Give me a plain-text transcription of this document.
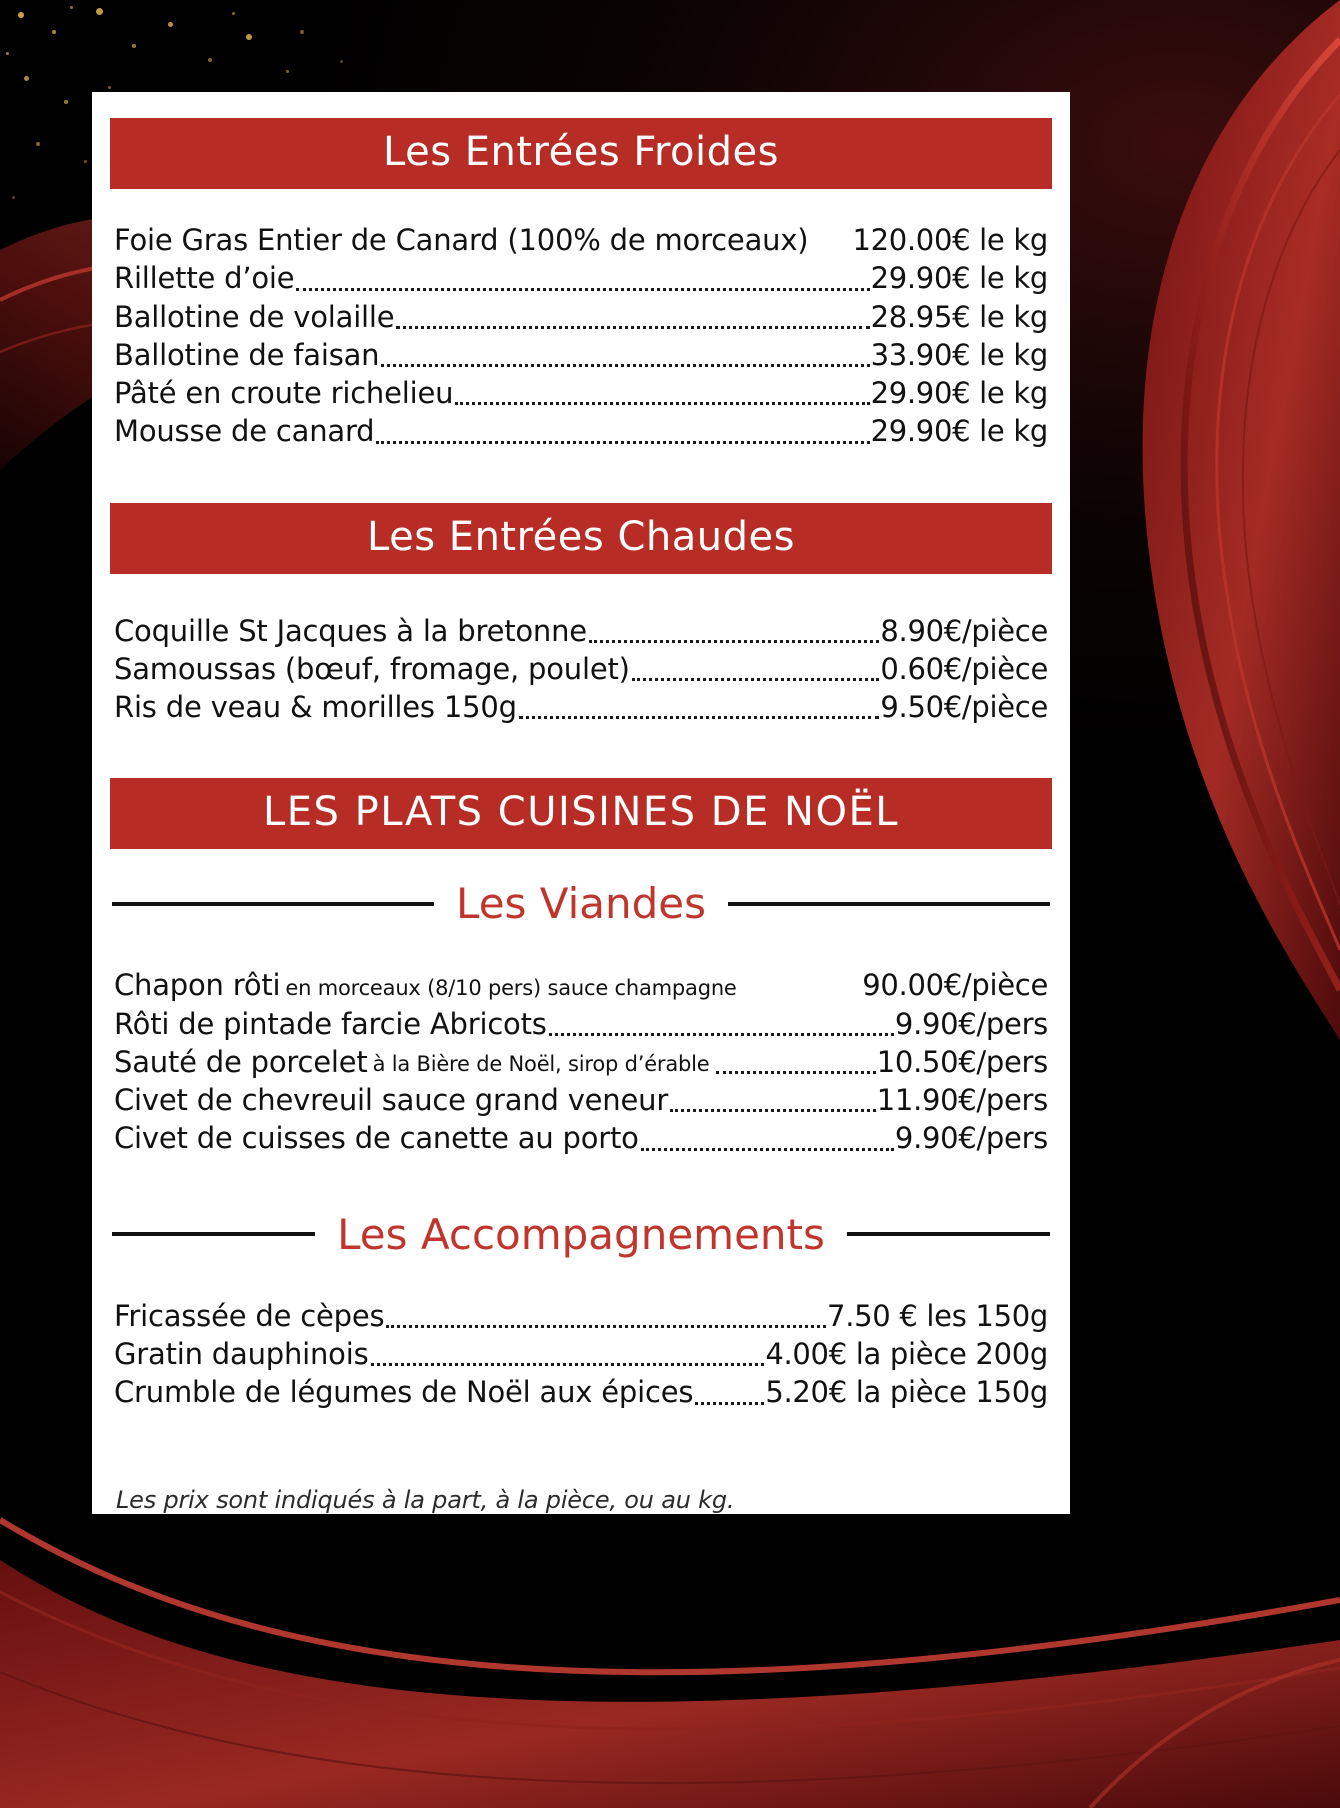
Les Entrées Froides
Foie Gras Entier de Canard (100% de morceaux) 120.00€ le kg
Rillette d’oie	29.90€ le kg
Ballotine de volaille	28.95€ le kg
Ballotine de faisan	33.90€ le kg
Pâté en croute richelieu	29.90€ le kg
Mousse de canard	29.90€ le kg
Les Entrées Chaudes
Coquille St Jacques à la bretonne	8.90€/pièce
Samoussas (bœuf, fromage, poulet)	0.60€/pièce
Ris de veau & morilles 150g	9.50€/pièce
LES PLATS CUISINES DE NOËL
Les Viandes
Chapon rôti en morceaux (8/10 pers) sauce champagne	90.00€/pièce
Rôti de pintade farcie Abricots	9.90€/pers
Sauté de porcelet à la Bière de Noël, sirop d’érable	10.50€/pers
Civet de chevreuil sauce grand veneur	11.90€/pers
Civet de cuisses de canette au porto	9.90€/pers
Les Accompagnements
Fricassée de cèpes	7.50 € les 150g
Gratin dauphinois	4.00€ la pièce 200g
Crumble de légumes de Noël aux épices 5.20€ la pièce 150g
Les prix sont indiqués à la part, à la pièce, ou au kg.
